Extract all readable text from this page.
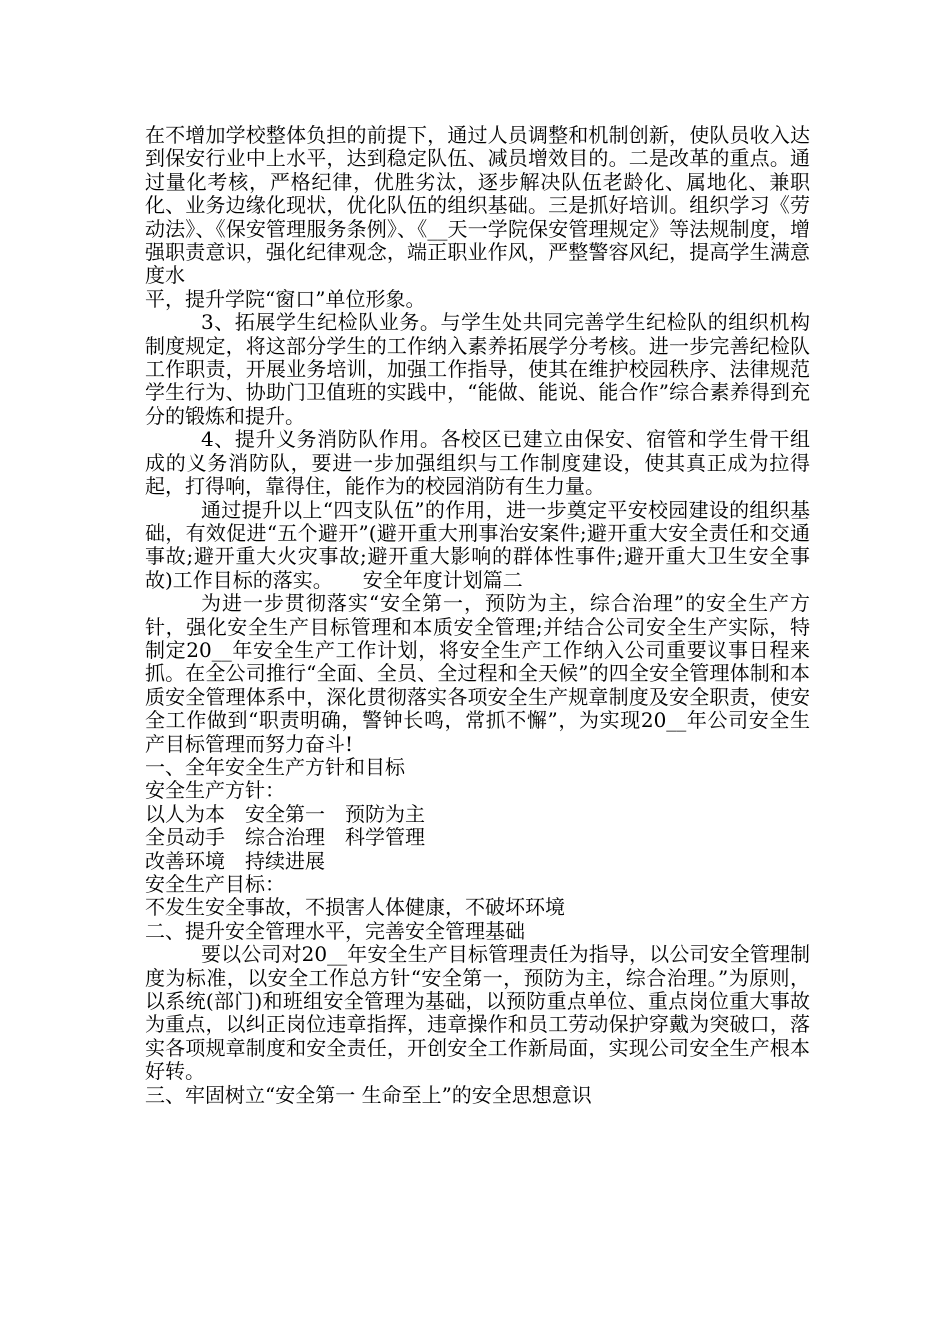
在不增加学校整体负担的前提下，通过人员调整和机制创新，使队员收入达到保安行业中上水平，达到稳定队伍、减员增效目的。二是改革的重点。通过量化考核，严格纪律，优胜劣汰，逐步解决队伍老龄化、属地化、兼职化、业务边缘化现状，优化队伍的组织基础。三是抓好培训。组织学习《劳动法》、《保安管理服务条例》、《__天一学院保安管理规定》等法规制度，增强职责意识，强化纪律观念，端正职业作风，严整警容风纪，提高学生满意度水

平，提升学院“窗口”单位形象。

3、拓展学生纪检队业务。与学生处共同完善学生纪检队的组织机构制度规定，将这部分学生的工作纳入素养拓展学分考核。进一步完善纪检队工作职责，开展业务培训，加强工作指导，使其在维护校园秩序、法律规范学生行为、协助门卫值班的实践中，“能做、能说、能合作”综合素养得到充分的锻炼和提升。

4、提升义务消防队作用。各校区已建立由保安、宿管和学生骨干组成的义务消防队，要进一步加强组织与工作制度建设，使其真正成为拉得起，打得响，靠得住，能作为的校园消防有生力量。

通过提升以上“四支队伍”的作用，进一步奠定平安校园建设的组织基础，有效促进“五个避开”(避开重大刑事治安案件;避开重大安全责任和交通事故;避开重大火灾事故;避开重大影响的群体性事件;避开重大卫生安全事故)工作目标的落实。　　安全年度计划篇二

为进一步贯彻落实“安全第一，预防为主，综合治理”的安全生产方针，强化安全生产目标管理和本质安全管理;并结合公司安全生产实际，特制定20__年安全生产工作计划，将安全生产工作纳入公司重要议事日程来抓。在全公司推行“全面、全员、全过程和全天候”的四全安全管理体制和本质安全管理体系中，深化贯彻落实各项安全生产规章制度及安全职责，使安全工作做到“职责明确，警钟长鸣，常抓不懈”，为实现20__年公司安全生产目标管理而努力奋斗!

一、全年安全生产方针和目标

安全生产方针：

以人为本　安全第一　预防为主

全员动手　综合治理　科学管理

改善环境　持续进展

安全生产目标：

不发生安全事故，不损害人体健康，不破坏环境

二、提升安全管理水平，完善安全管理基础

要以公司对20__年安全生产目标管理责任为指导，以公司安全管理制度为标准，以安全工作总方针“安全第一，预防为主，综合治理。”为原则，以系统(部门)和班组安全管理为基础，以预防重点单位、重点岗位重大事故为重点，以纠正岗位违章指挥，违章操作和员工劳动保护穿戴为突破口，落实各项规章制度和安全责任，开创安全工作新局面，实现公司安全生产根本好转。

三、牢固树立“安全第一 生命至上”的安全思想意识
